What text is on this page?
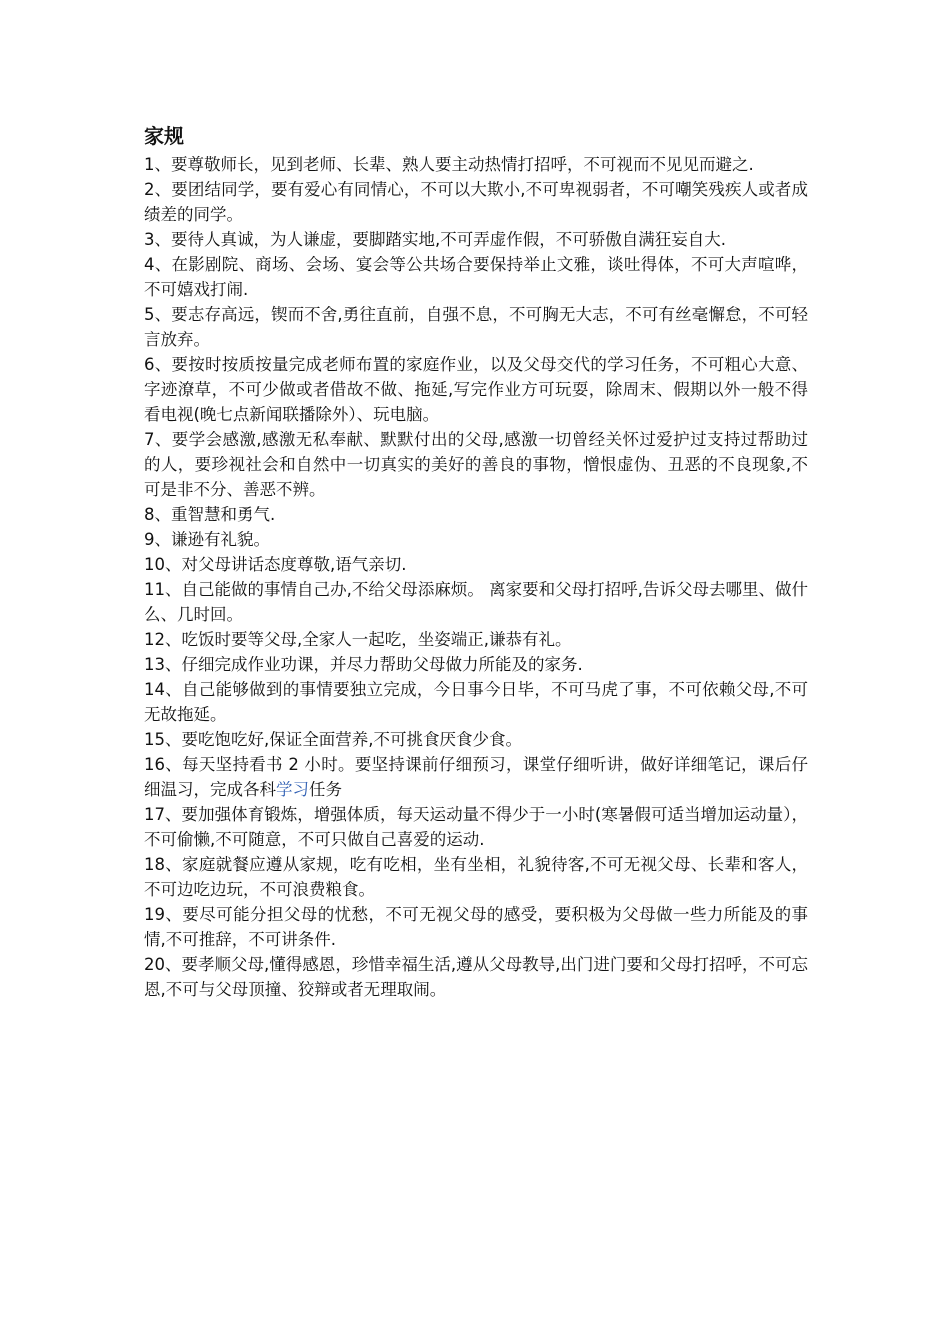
家规

1、要尊敬师长，见到老师、长辈、熟人要主动热情打招呼，不可视而不见见而避之.

2、要团结同学，要有爱心有同情心，不可以大欺小,不可卑视弱者，不可嘲笑残疾人或者成绩差的同学。

3、要待人真诚，为人谦虚，要脚踏实地,不可弄虚作假，不可骄傲自满狂妄自大.

4、在影剧院、商场、会场、宴会等公共场合要保持举止文雅，谈吐得体，不可大声喧哗，不可嬉戏打闹.

5、要志存高远，锲而不舍,勇往直前，自强不息，不可胸无大志，不可有丝毫懈怠，不可轻言放弃。

6、要按时按质按量完成老师布置的家庭作业，以及父母交代的学习任务，不可粗心大意、字迹潦草，不可少做或者借故不做、拖延,写完作业方可玩耍，除周末、假期以外一般不得看电视(晚七点新闻联播除外）、玩电脑。

7、要学会感激,感激无私奉献、默默付出的父母,感激一切曾经关怀过爱护过支持过帮助过的人，要珍视社会和自然中一切真实的美好的善良的事物，憎恨虚伪、丑恶的不良现象,不可是非不分、善恶不辨。

8、重智慧和勇气.

9、谦逊有礼貌。

10、对父母讲话态度尊敬,语气亲切.

11、自己能做的事情自己办,不给父母添麻烦。 离家要和父母打招呼,告诉父母去哪里、做什么、几时回。

12、吃饭时要等父母,全家人一起吃，坐姿端正,谦恭有礼。

13、仔细完成作业功课，并尽力帮助父母做力所能及的家务.

14、自己能够做到的事情要独立完成，今日事今日毕，不可马虎了事，不可依赖父母,不可无故拖延。

15、要吃饱吃好,保证全面营养,不可挑食厌食少食。

16、每天坚持看书 2 小时。要坚持课前仔细预习，课堂仔细听讲，做好详细笔记，课后仔细温习，完成各科学习任务

17、要加强体育锻炼，增强体质，每天运动量不得少于一小时(寒暑假可适当增加运动量），不可偷懒,不可随意，不可只做自己喜爱的运动.

18、家庭就餐应遵从家规，吃有吃相，坐有坐相，礼貌待客,不可无视父母、长辈和客人，不可边吃边玩，不可浪费粮食。

19、要尽可能分担父母的忧愁，不可无视父母的感受，要积极为父母做一些力所能及的事情,不可推辞，不可讲条件.

20、要孝顺父母,懂得感恩，珍惜幸福生活,遵从父母教导,出门进门要和父母打招呼，不可忘恩,不可与父母顶撞、狡辩或者无理取闹。
